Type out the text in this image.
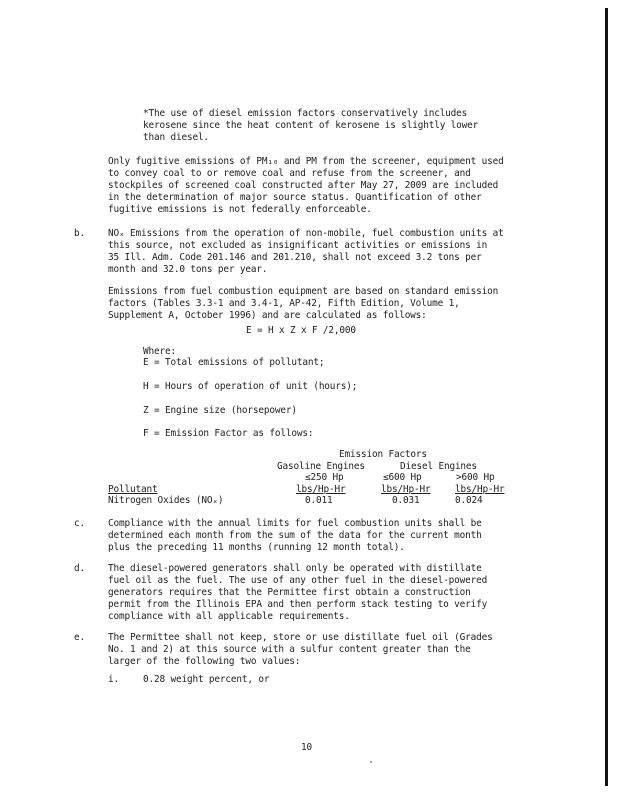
*The use of diesel emission factors conservatively includes
kerosene since the heat content of kerosene is slightly lower
than diesel.
Only fugitive emissions of PM₁₀ and PM from the screener, equipment used
to convey coal to or remove coal and refuse from the screener, and
stockpiles of screened coal constructed after May 27, 2009 are included
in the determination of major source status. Quantification of other
fugitive emissions is not federally enforceable.
b. NOₓ Emissions from the operation of non-mobile, fuel combustion units at
this source, not excluded as insignificant activities or emissions in
35 Ill. Adm. Code 201.146 and 201.210, shall not exceed 3.2 tons per
month and 32.0 tons per year.
Emissions from fuel combustion equipment are based on standard emission
factors (Tables 3.3-1 and 3.4-1, AP-42, Fifth Edition, Volume 1,
Supplement A, October 1996) and are calculated as follows:
E = H x Z x F /2,000
Where:
E = Total emissions of pollutant;
H = Hours of operation of unit (hours);
Z = Engine size (horsepower)
F = Emission Factor as follows:
Emission Factors
Gasoline Engines	Diesel Engines
≤250 Hp	≤600 Hp	>600 Hp
Pollutant	lbs/Hp-Hr	lbs/Hp-Hr	lbs/Hp-Hr
Nitrogen Oxides (NOₓ)	0.011	0.031	0.024
c. Compliance with the annual limits for fuel combustion units shall be
determined each month from the sum of the data for the current month
plus the preceding 11 months (running 12 month total).
d. The diesel-powered generators shall only be operated with distillate
fuel oil as the fuel. The use of any other fuel in the diesel-powered
generators requires that the Permittee first obtain a construction
permit from the Illinois EPA and then perform stack testing to verify
compliance with all applicable requirements.
e. The Permittee shall not keep, store or use distillate fuel oil (Grades
No. 1 and 2) at this source with a sulfur content greater than the
larger of the following two values:
i.	0.28 weight percent, or
10
